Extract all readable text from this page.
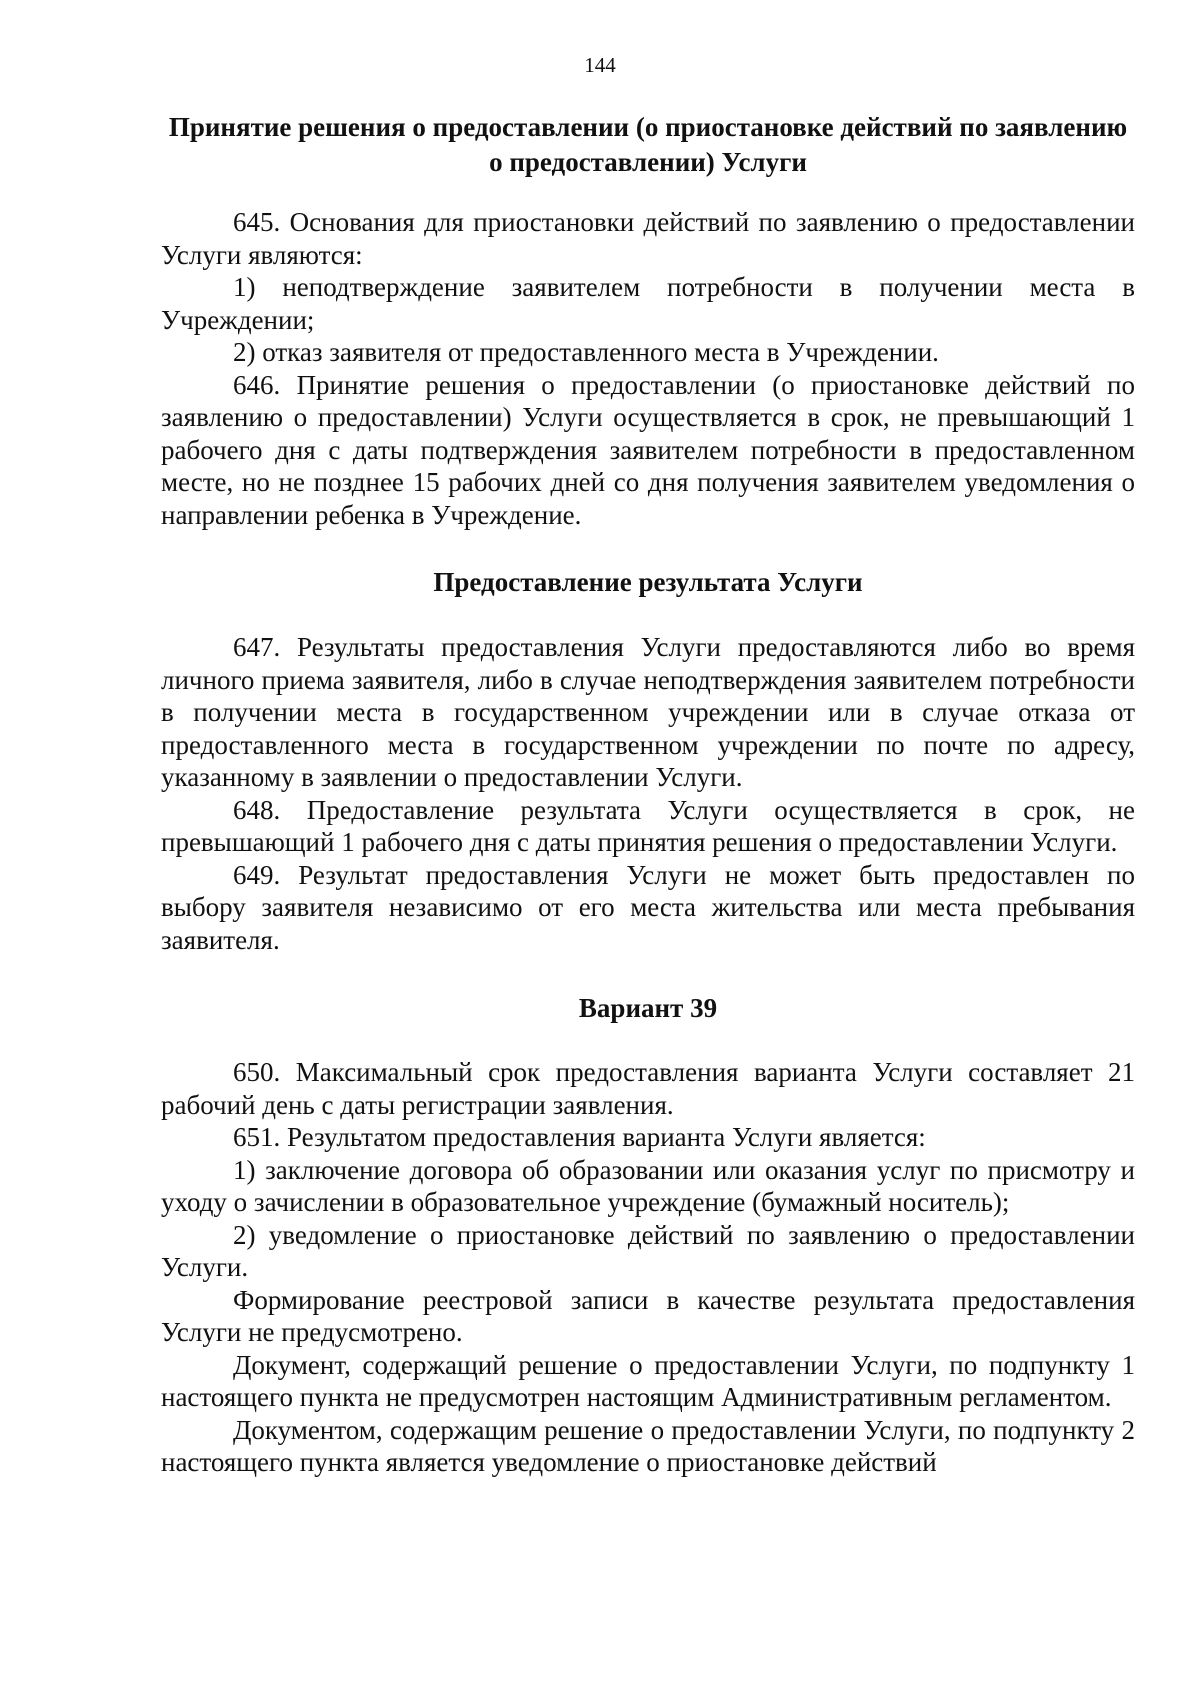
144
Принятие решения о предоставлении (о приостановке действий по заявлению о предоставлении) Услуги

645. Основания для приостановки действий по заявлению о предоставлении Услуги являются:

1) неподтверждение заявителем потребности в получении места в Учреждении;

2) отказ заявителя от предоставленного места в Учреждении.

646. Принятие решения о предоставлении (о приостановке действий по заявлению о предоставлении) Услуги осуществляется в срок, не превышающий 1 рабочего дня с даты подтверждения заявителем потребности в предоставленном месте, но не позднее 15 рабочих дней со дня получения заявителем уведомления о направлении ребенка в Учреждение.

Предоставление результата Услуги

647. Результаты предоставления Услуги предоставляются либо во время личного приема заявителя, либо в случае неподтверждения заявителем потребности в получении места в государственном учреждении или в случае отказа от предоставленного места в государственном учреждении по почте по адресу, указанному в заявлении о предоставлении Услуги.

648. Предоставление результата Услуги осуществляется в срок, не превышающий 1 рабочего дня с даты принятия решения о предоставлении Услуги.

649. Результат предоставления Услуги не может быть предоставлен по выбору заявителя независимо от его места жительства или места пребывания заявителя.

Вариант 39

650. Максимальный срок предоставления варианта Услуги составляет 21 рабочий день с даты регистрации заявления.

651. Результатом предоставления варианта Услуги является:

1) заключение договора об образовании или оказания услуг по присмотру и уходу о зачислении в образовательное учреждение (бумажный носитель);

2) уведомление о приостановке действий по заявлению о предоставлении Услуги.

Формирование реестровой записи в качестве результата предоставления Услуги не предусмотрено.

Документ, содержащий решение о предоставлении Услуги, по подпункту 1 настоящего пункта не предусмотрен настоящим Административным регламентом.

Документом, содержащим решение о предоставлении Услуги, по подпункту 2 настоящего пункта является уведомление о приостановке действий
